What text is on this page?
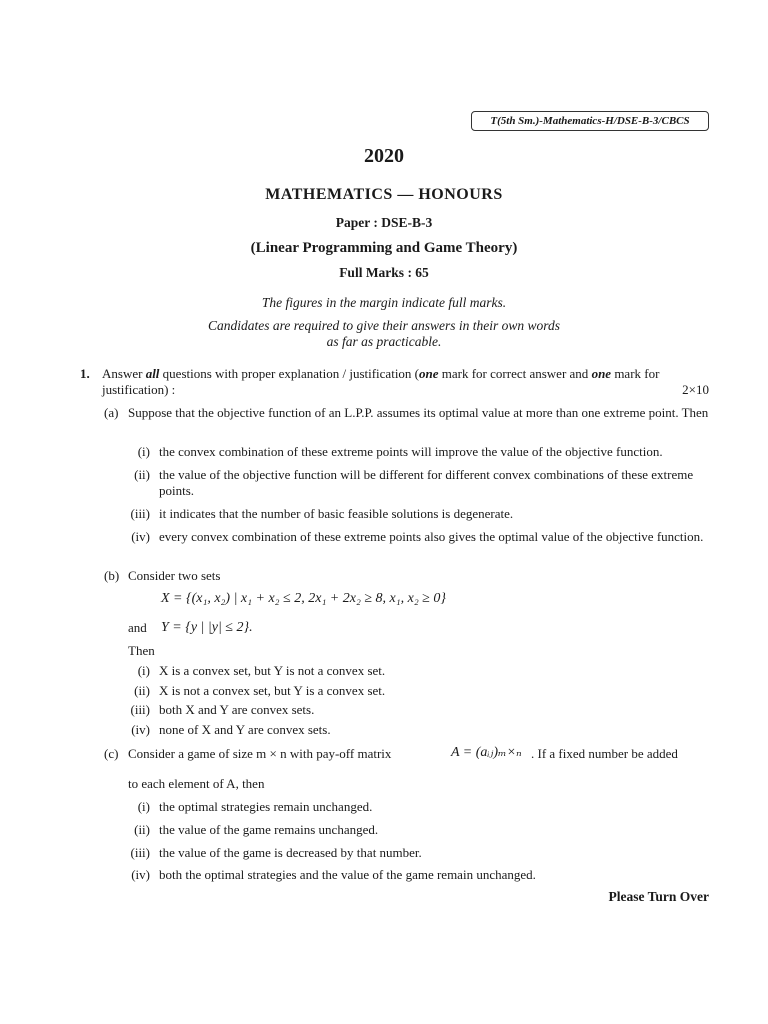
T(5th Sm.)-Mathematics-H/DSE-B-3/CBCS
2020
MATHEMATICS — HONOURS
Paper : DSE-B-3
(Linear Programming and Game Theory)
Full Marks : 65
The figures in the margin indicate full marks.
Candidates are required to give their answers in their own words
as far as practicable.
1. Answer all questions with proper explanation / justification (one mark for correct answer and one mark for justification) :	2×10
(a) Suppose that the objective function of an L.P.P. assumes its optimal value at more than one extreme point. Then
(i) the convex combination of these extreme points will improve the value of the objective function.
(ii) the value of the objective function will be different for different convex combinations of these extreme points.
(iii) it indicates that the number of basic feasible solutions is degenerate.
(iv) every convex combination of these extreme points also gives the optimal value of the objective function.
(b) Consider two sets
X = {(x₁, x₂) | x₁ + x₂ ≤ 2, 2x₁ + 2x₂ ≥ 8, x₁, x₂ ≥ 0}
and	Y = {y | |y| ≤ 2}.
Then
(i) X is a convex set, but Y is not a convex set.
(ii) X is not a convex set, but Y is a convex set.
(iii) both X and Y are convex sets.
(iv) none of X and Y are convex sets.
(c) Consider a game of size m × n with pay-off matrix	A = (aᵢⱼ)ₘ×ₙ . If a fixed number be added
to each element of A, then
(i) the optimal strategies remain unchanged.
(ii) the value of the game remains unchanged.
(iii) the value of the game is decreased by that number.
(iv) both the optimal strategies and the value of the game remain unchanged.
Please Turn Over
